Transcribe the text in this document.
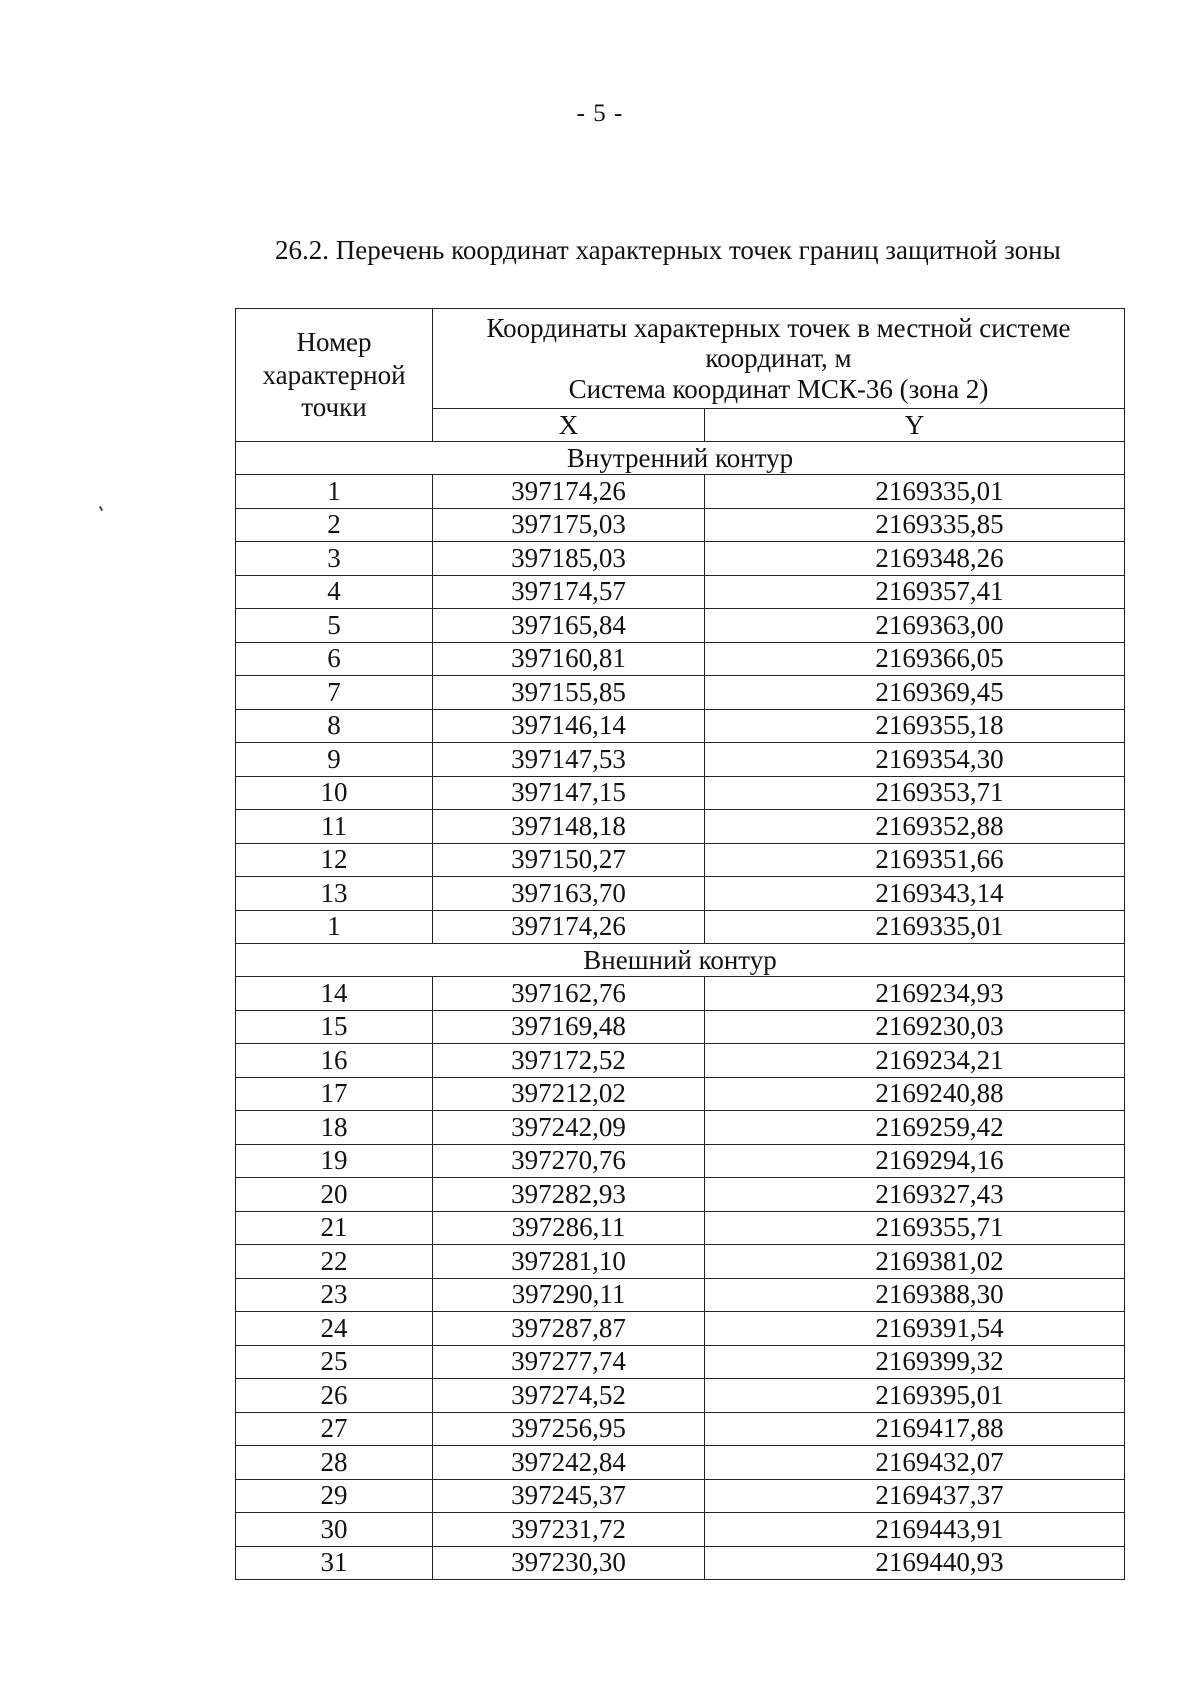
- 5 -
26.2. Перечень координат характерных точек границ защитной зоны
Номер характерной точки	Координаты характерных точек в местной системе координат, м
Система координат МСК-36 (зона 2)	

	X	Y
Внутренний контур		
1	397174,26	2169335,01
2	397175,03	2169335,85
3	397185,03	2169348,26
4	397174,57	2169357,41
5	397165,84	2169363,00
6	397160,81	2169366,05
7	397155,85	2169369,45
8	397146,14	2169355,18
9	397147,53	2169354,30
10	397147,15	2169353,71
11	397148,18	2169352,88
12	397150,27	2169351,66
13	397163,70	2169343,14
1	397174,26	2169335,01
Внешний контур		
14	397162,76	2169234,93
15	397169,48	2169230,03
16	397172,52	2169234,21
17	397212,02	2169240,88
18	397242,09	2169259,42
19	397270,76	2169294,16
20	397282,93	2169327,43
21	397286,11	2169355,71
22	397281,10	2169381,02
23	397290,11	2169388,30
24	397287,87	2169391,54
25	397277,74	2169399,32
26	397274,52	2169395,01
27	397256,95	2169417,88
28	397242,84	2169432,07
29	397245,37	2169437,37
30	397231,72	2169443,91
31	397230,30	2169440,93
